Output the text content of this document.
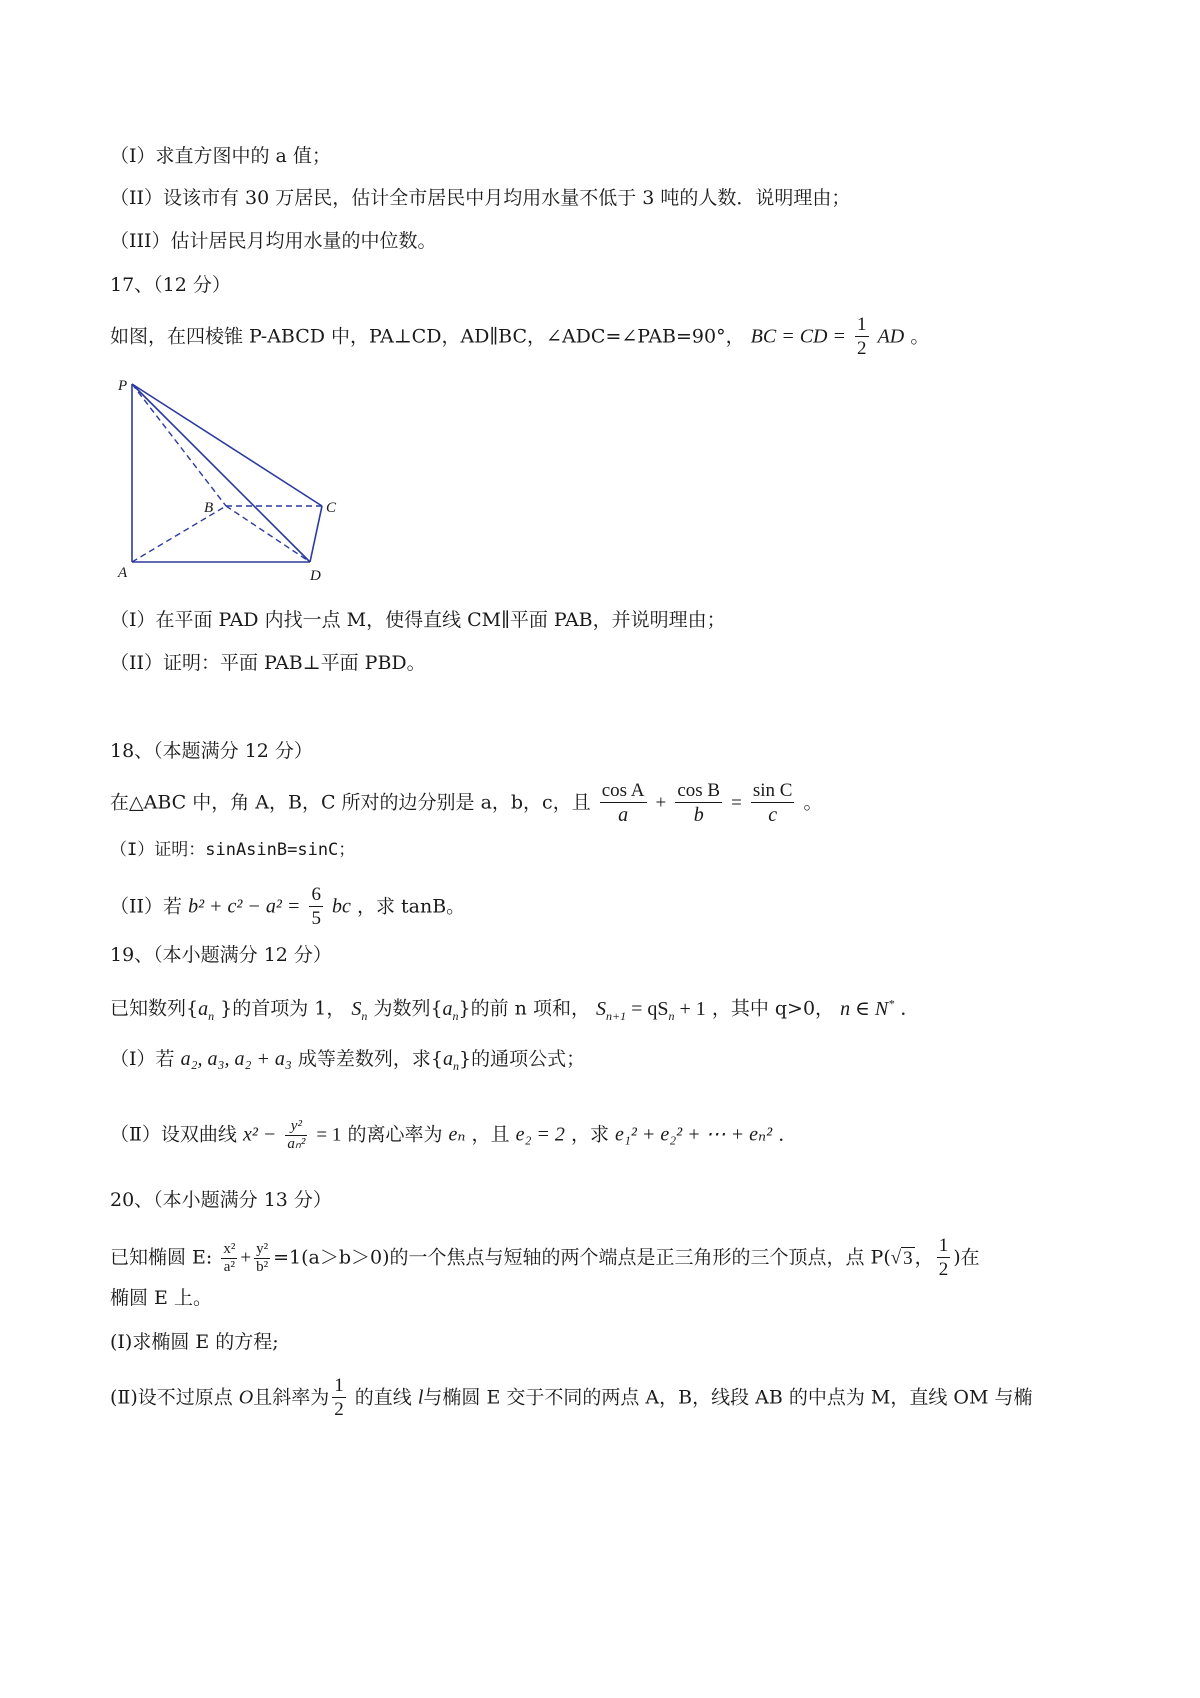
（I）求直方图中的 a 值；
（II）设该市有 30 万居民，估计全市居民中月均用水量不低于 3 吨的人数．说明理由；
（III）估计居民月均用水量的中位数。
17、（12 分）
如图，在四棱锥 P-ABCD 中，PA⊥CD，AD∥BC，∠ADC=∠PAB=90°， BC = CD = $\frac{1}{2}$ AD 。
P
A
B	C
D
（I）在平面 PAD 内找一点 M，使得直线 CM∥平面 PAB，并说明理由；
（II）证明：平面 PAB⊥平面 PBD。
18、（本题满分 12 分）
在△ABC 中，角 A，B，C 所对的边分别是 a，b，c，且 $\frac{\text{cos A}}{a} + \frac{\text{cos B}}{b} = \frac{\text{sin C}}{c}$ 。
（I）证明：sinAsinB=sinC；
（II）若 $b^2 + c^2 - a^2 = \frac{6}{5}$ bc ，求 tanB。
19、（本小题满分 12 分）
已知数列{$a_n$ }的首项为 1， $S_n$ 为数列$\{a_n\}$的前 n 项和， $S_{n+1} = qS_n + 1$ ，其中 q>0， n ∈ N* ．
（Ⅰ）若 a₂, a₃, a₂ + a₃ 成等差数列，求$\{a_n\}$的通项公式；
（Ⅱ）设双曲线 $x^2 - \frac{\text{y²}}{\text{aₙ²}} = 1$ 的离心率为 eₙ ，且 e₂ = 2 ，求 e₁² + e₂² + ⋯ + eₙ² ．
20、（本小题满分 13 分）
已知椭圆 E: $\frac{\text{x²}}{\text{a²}} + \frac{\text{y²}}{\text{b²}} =1(a>b>0)$的一个焦点与短轴的两个端点是正三角形的三个顶点，点 P(√ 3 ， $\frac{1}{2}$ )在
椭圆 E 上。
(Ⅰ)求椭圆 E 的方程;
(Ⅱ)设不过原点 O且斜率为 $\frac{1}{2}$ 的直线 l与椭圆 E 交于不同的两点 A，B，线段 AB 的中点为 M，直线 OM 与椭
